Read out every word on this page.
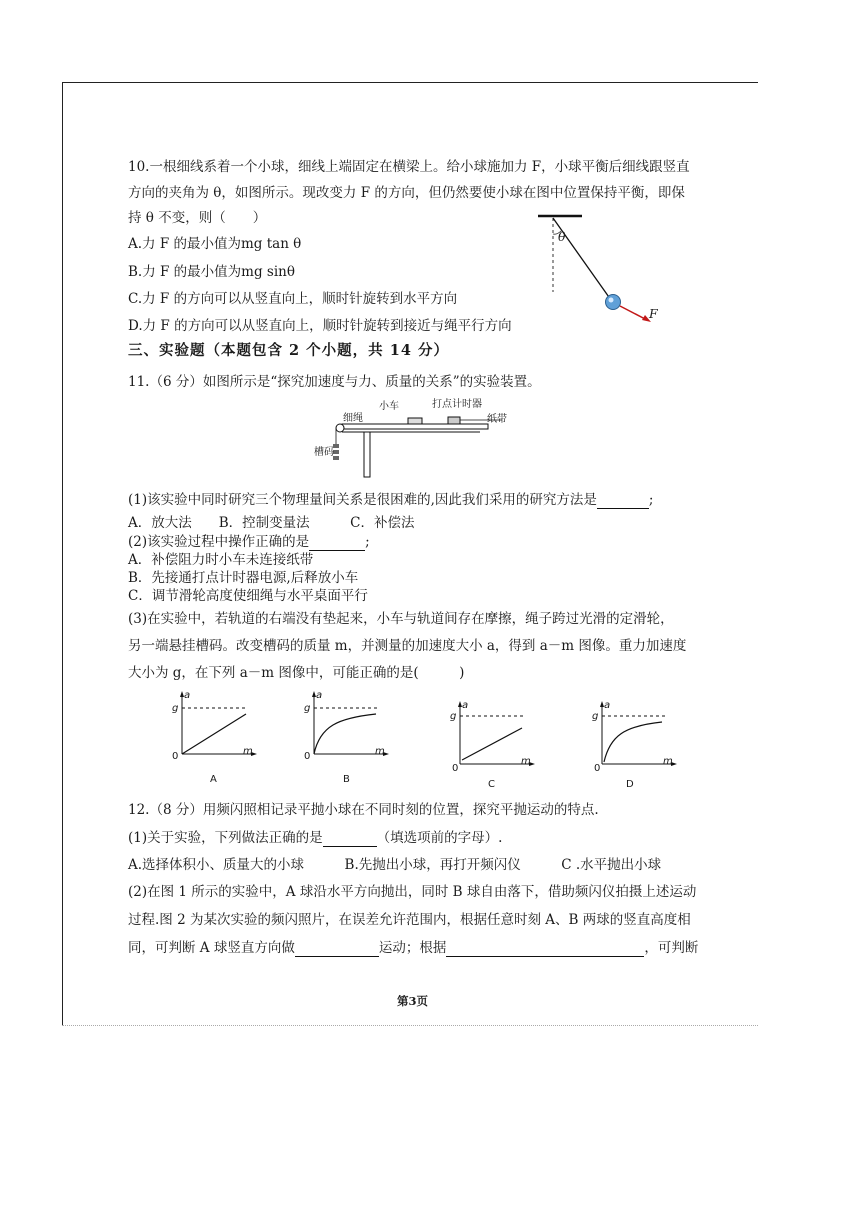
10.一根细线系着一个小球，细线上端固定在横梁上。给小球施加力 F，小球平衡后细线跟竖直
方向的夹角为 θ，如图所示。现改变力 F 的方向，但仍然要使小球在图中位置保持平衡，即保
持 θ 不变，则（　　）
A.力 F 的最小值为mg tan θ
B.力 F 的最小值为mg sinθ
C.力 F 的方向可以从竖直向上，顺时针旋转到水平方向
D.力 F 的方向可以从竖直向上，顺时针旋转到接近与绳平行方向
θ
F
三、实验题（本题包含 2 个小题，共 14 分）
11.（6 分）如图所示是“探究加速度与力、质量的关系”的实验装置。
小车	打点计时器
细绳	纸带
槽码
(1)该实验中同时研究三个物理量间关系是很困难的,因此我们采用的研究方法是	;
A．放大法　　B．控制变量法　　　C．补偿法
(2)该实验过程中操作正确的是	;
A．补偿阻力时小车未连接纸带
B．先接通打点计时器电源,后释放小车
C．调节滑轮高度使细绳与水平桌面平行
(3)在实验中，若轨道的右端没有垫起来，小车与轨道间存在摩擦，绳子跨过光滑的定滑轮，
另一端悬挂槽码。改变槽码的质量 m，并测量的加速度大小 a，得到 a－m 图像。重力加速度
大小为 g，在下列 a－m 图像中，可能正确的是(　　　)
a
g
0	m
A
a
g
0	m
B
a
g
0
m
C
a
g
0
m
D
12.（8 分）用频闪照相记录平抛小球在不同时刻的位置，探究平抛运动的特点.
(1)关于实验，下列做法正确的是	（填选项前的字母）.
A.选择体积小、质量大的小球　　　B.先抛出小球，再打开频闪仪　　　C .水平抛出小球
(2)在图 1 所示的实验中，A 球沿水平方向抛出，同时 B 球自由落下，借助频闪仪拍摄上述运动
过程.图 2 为某次实验的频闪照片，在误差允许范围内，根据任意时刻 A、B 两球的竖直高度相
同，可判断 A 球竖直方向做	运动；根据	，可判断
第3页
